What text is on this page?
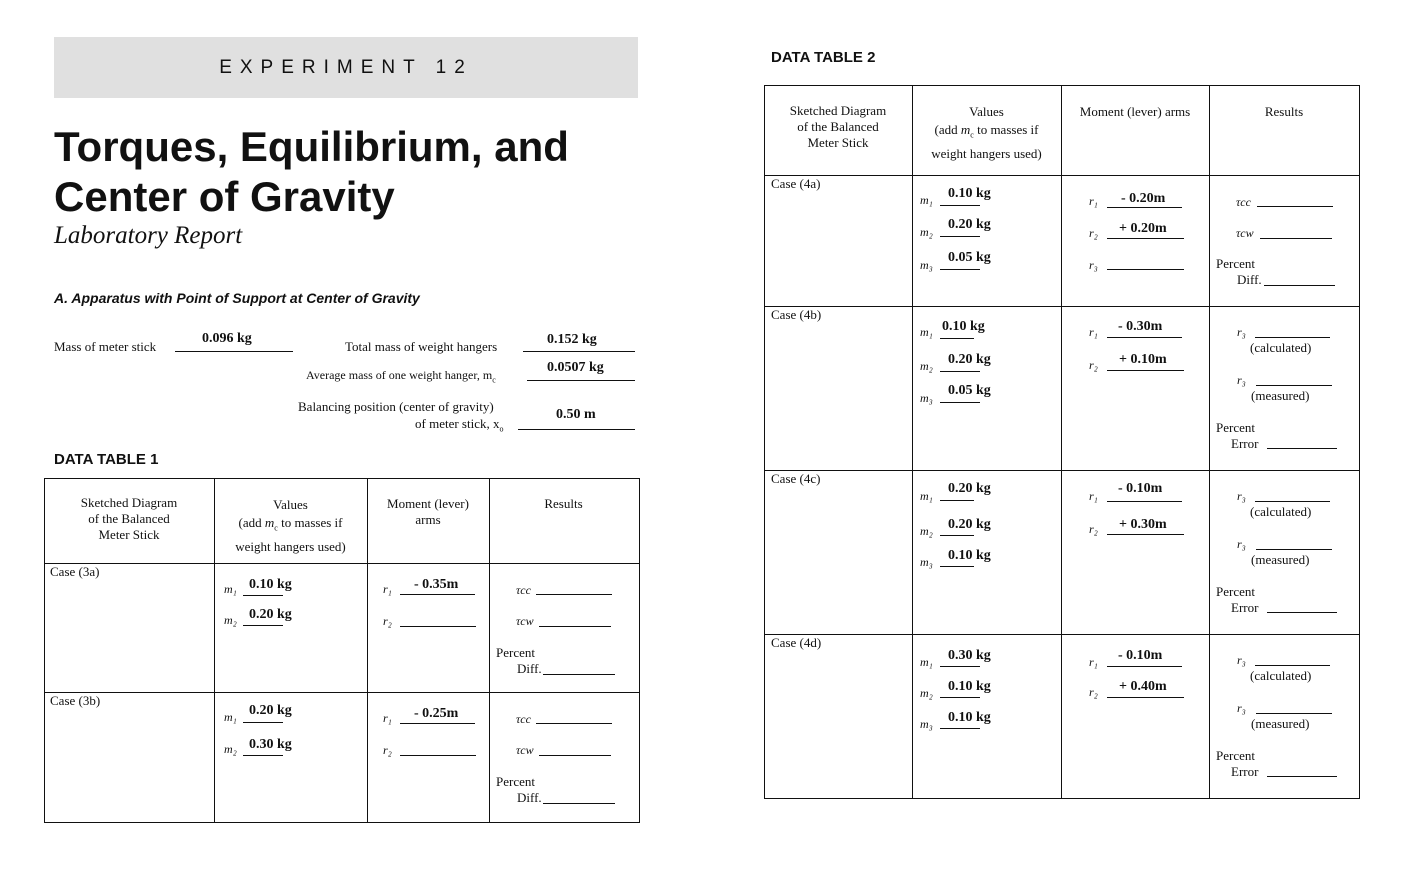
EXPERIMENT 12
Torques, Equilibrium, and
Center of Gravity
Laboratory Report
A. Apparatus with Point of Support at Center of Gravity
Mass of meter stick
0.096 kg
Total mass of weight hangers	0.152 kg
Average mass of one weight hanger, $m_c$
0.0507 kg
Balancing position (center of gravity)
of meter stick, $x_o$
0.50 m
DATA TABLE 1
Sketched Diagram
of the Balanced
Meter Stick
Values
(add $m_c$ to masses if
weight hangers used)
Moment (lever)
arms
Results
Case (3a)
m₁ 0.10 kg
m₂ 0.20 kg
r₁ - 0.35m
r₂
τcc
τcw
Percent
Diff.
Case (3b)
m₁ 0.20 kg
m₂ 0.30 kg
r₁ - 0.25m
r₂
τcc
τcw
Percent
Diff.
DATA TABLE 2
Sketched Diagram
of the Balanced
Meter Stick
Values
(add $m_c$ to masses if
weight hangers used)
Moment (lever) arms	Results
Case (4a)
m₁ 0.10 kg
m₂ 0.20 kg
m₃ 0.05 kg
r₁ - 0.20m
r₂ + 0.20m
r₃
τcc
τcw
Percent
Diff.
Case (4b)
m₁ 0.10 kg
m₂ 0.20 kg
m₃ 0.05 kg
r₁ - 0.30m
r₂ + 0.10m
r₃
(calculated)
r₃
(measured)
Percent
Error
Case (4c)
m₁ 0.20 kg
m₂ 0.20 kg
m₃ 0.10 kg
r₁ - 0.10m
r₂ + 0.30m
r₃
(calculated)
r₃
(measured)
Percent
Error
Case (4d)
m₁ 0.30 kg
m₂ 0.10 kg
m₃ 0.10 kg
r₁ - 0.10m
r₂ + 0.40m
r₃
(calculated)
r₃
(measured)
Percent
Error
